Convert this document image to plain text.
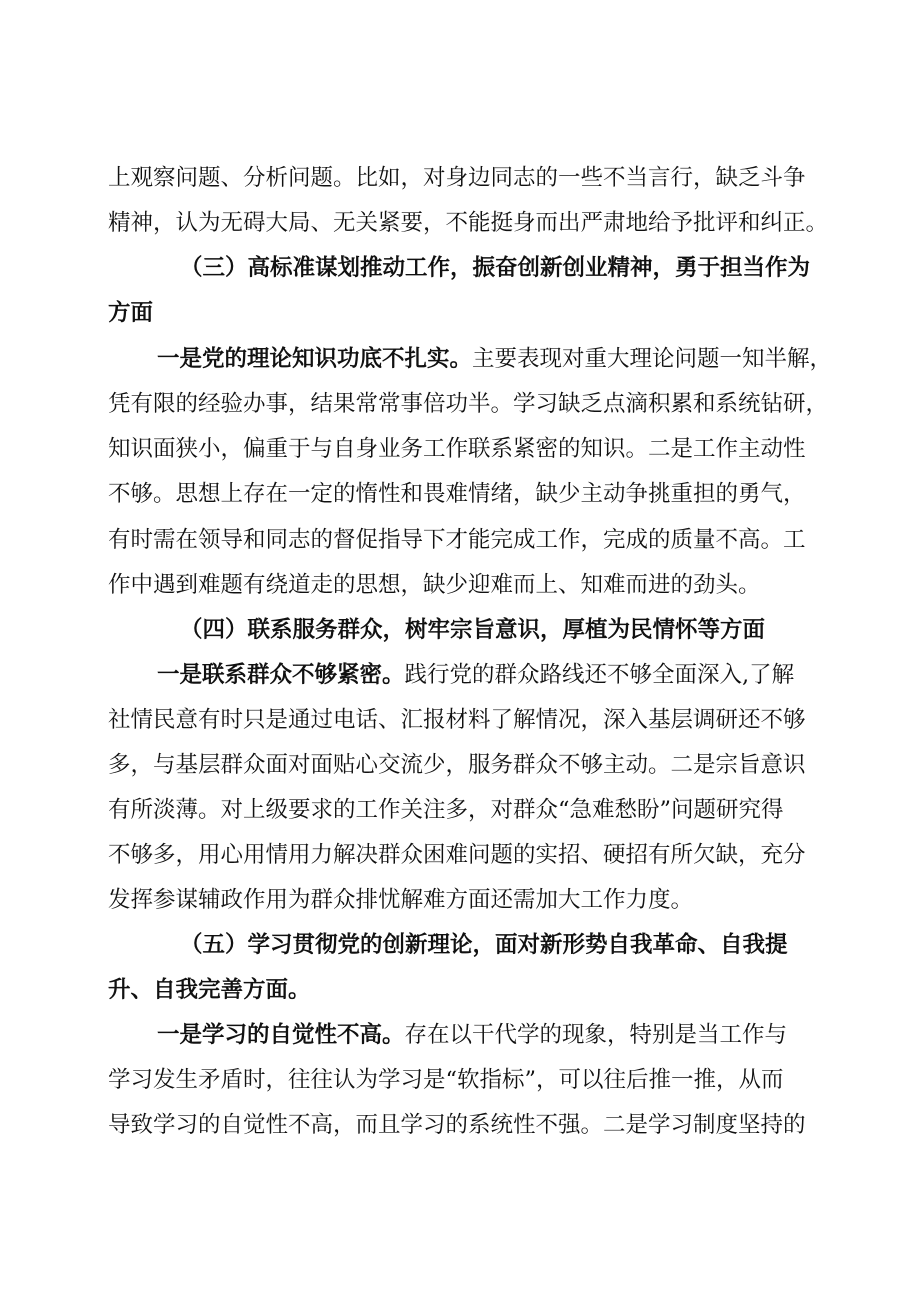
上观察问题、分析问题。比如，对身边同志的一些不当言行，缺乏斗争
精神，认为无碍大局、无关紧要，不能挺身而出严肃地给予批评和纠正。
（三）高标准谋划推动工作，振奋创新创业精神，勇于担当作为
方面
一是党的理论知识功底不扎实。主要表现对重大理论问题一知半解，
凭有限的经验办事，结果常常事倍功半。学习缺乏点滴积累和系统钻研，
知识面狭小，偏重于与自身业务工作联系紧密的知识。二是工作主动性
不够。思想上存在一定的惰性和畏难情绪，缺少主动争挑重担的勇气，
有时需在领导和同志的督促指导下才能完成工作，完成的质量不高。工
作中遇到难题有绕道走的思想，缺少迎难而上、知难而进的劲头。
（四）联系服务群众，树牢宗旨意识，厚植为民情怀等方面
一是联系群众不够紧密。践行党的群众路线还不够全面深入,了解
社情民意有时只是通过电话、汇报材料了解情况，深入基层调研还不够
多，与基层群众面对面贴心交流少，服务群众不够主动。二是宗旨意识
有所淡薄。对上级要求的工作关注多，对群众“急难愁盼”问题研究得
不够多，用心用情用力解决群众困难问题的实招、硬招有所欠缺，充分
发挥参谋辅政作用为群众排忧解难方面还需加大工作力度。
（五）学习贯彻党的创新理论，面对新形势自我革命、自我提
升、自我完善方面。
一是学习的自觉性不高。存在以干代学的现象，特别是当工作与
学习发生矛盾时，往往认为学习是“软指标”，可以往后推一推，从而
导致学习的自觉性不高，而且学习的系统性不强。二是学习制度坚持的
